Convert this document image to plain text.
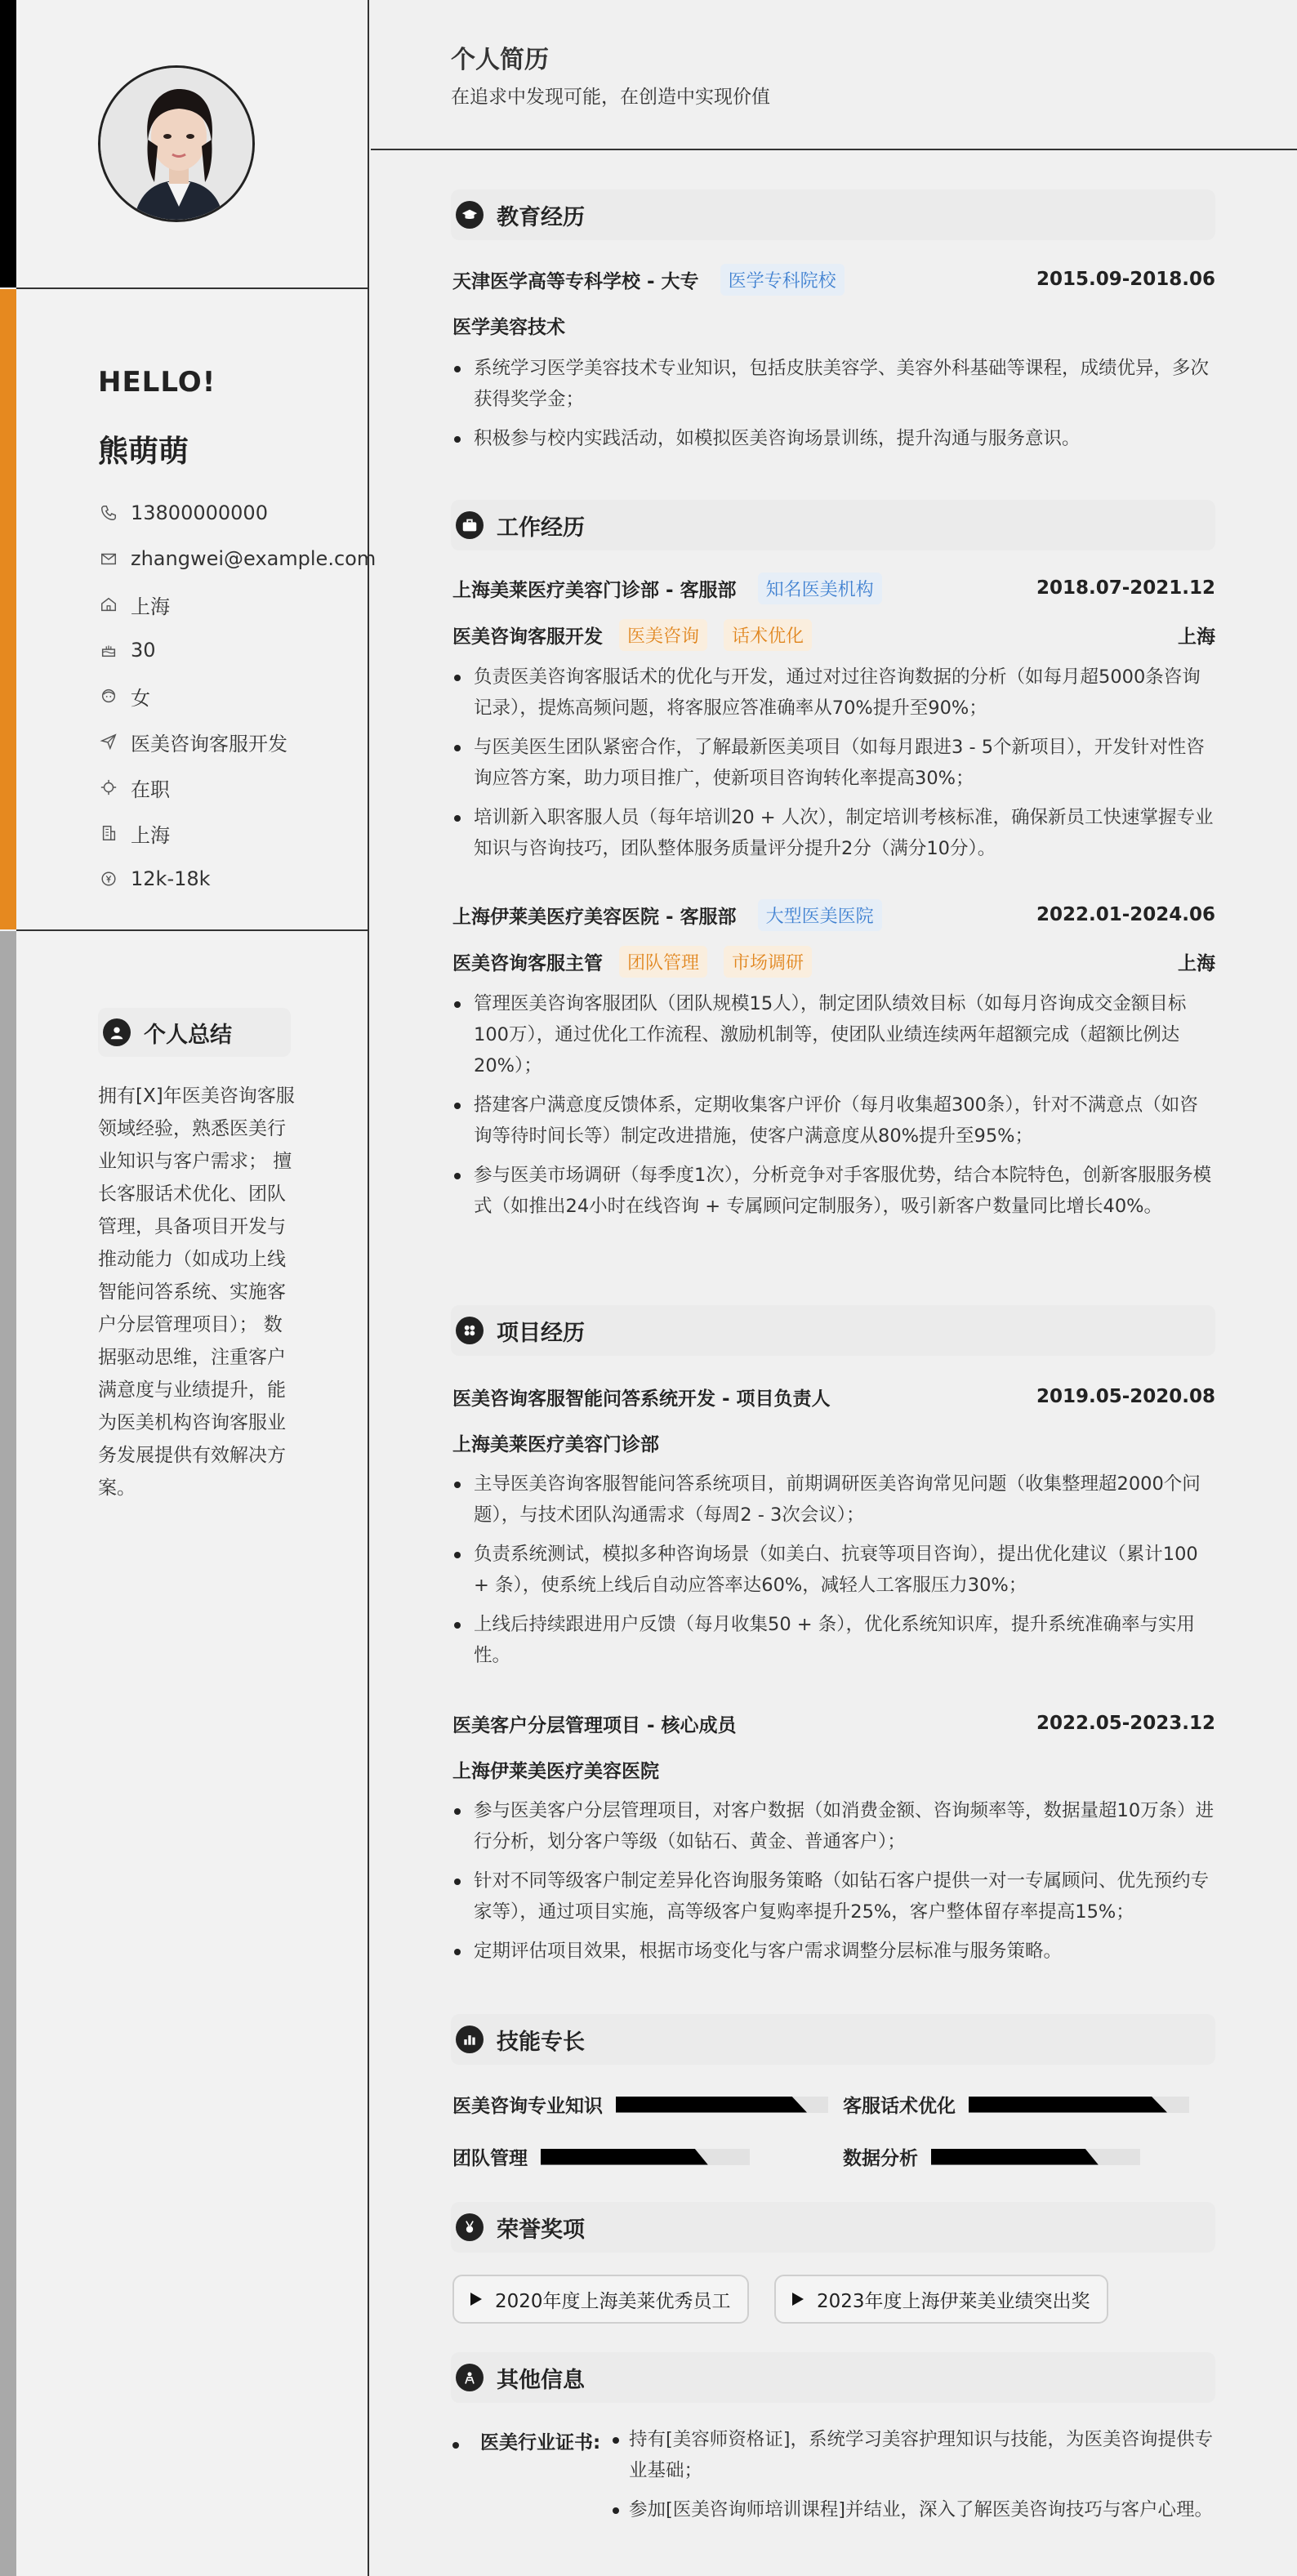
HELLO!
熊萌萌
13800000000
zhangwei@example.com
上海
30
女
医美咨询客服开发
在职
上海
12k-18k
个人总结
拥有[X]年医美咨询客服领域经验，熟悉医美行业知识与客户需求； 擅长客服话术优化、团队管理，具备项目开发与推动能力（如成功上线智能问答系统、实施客户分层管理项目）； 数据驱动思维，注重客户满意度与业绩提升，能为医美机构咨询客服业务发展提供有效解决方案。
个人简历
在追求中发现可能，在创造中实现价值
教育经历
天津医学高等专科学校 - 大专	医学专科院校	2015.09-2018.06
医学美容技术
系统学习医学美容技术专业知识，包括皮肤美容学、美容外科基础等课程，成绩优异，多次获得奖学金；
积极参与校内实践活动，如模拟医美咨询场景训练，提升沟通与服务意识。
工作经历
上海美莱医疗美容门诊部 - 客服部	知名医美机构	2018.07-2021.12
医美咨询客服开发	医美咨询	话术优化	上海
负责医美咨询客服话术的优化与开发，通过对过往咨询数据的分析（如每月超5000条咨询记录），提炼高频问题，将客服应答准确率从70%提升至90%；
与医美医生团队紧密合作，了解最新医美项目（如每月跟进3 - 5个新项目），开发针对性咨询应答方案，助力项目推广，使新项目咨询转化率提高30%；
培训新入职客服人员（每年培训20 + 人次），制定培训考核标准，确保新员工快速掌握专业知识与咨询技巧，团队整体服务质量评分提升2分（满分10分）。
上海伊莱美医疗美容医院 - 客服部	大型医美医院	2022.01-2024.06
医美咨询客服主管	团队管理	市场调研	上海
管理医美咨询客服团队（团队规模15人），制定团队绩效目标（如每月咨询成交金额目标100万），通过优化工作流程、激励机制等，使团队业绩连续两年超额完成（超额比例达20%）；
搭建客户满意度反馈体系，定期收集客户评价（每月收集超300条），针对不满意点（如咨询等待时间长等）制定改进措施，使客户满意度从80%提升至95%；
参与医美市场调研（每季度1次），分析竞争对手客服优势，结合本院特色，创新客服服务模式（如推出24小时在线咨询 + 专属顾问定制服务），吸引新客户数量同比增长40%。
项目经历
医美咨询客服智能问答系统开发 - 项目负责人	2019.05-2020.08
上海美莱医疗美容门诊部
主导医美咨询客服智能问答系统项目，前期调研医美咨询常见问题（收集整理超2000个问题），与技术团队沟通需求（每周2 - 3次会议）；
负责系统测试，模拟多种咨询场景（如美白、抗衰等项目咨询），提出优化建议（累计100 + 条），使系统上线后自动应答率达60%，减轻人工客服压力30%；
上线后持续跟进用户反馈（每月收集50 + 条），优化系统知识库，提升系统准确率与实用性。
医美客户分层管理项目 - 核心成员	2022.05-2023.12
上海伊莱美医疗美容医院
参与医美客户分层管理项目，对客户数据（如消费金额、咨询频率等，数据量超10万条）进行分析，划分客户等级（如钻石、黄金、普通客户）；
针对不同等级客户制定差异化咨询服务策略（如钻石客户提供一对一专属顾问、优先预约专家等），通过项目实施，高等级客户复购率提升25%，客户整体留存率提高15%；
定期评估项目效果，根据市场变化与客户需求调整分层标准与服务策略。
技能专长
医美咨询专业知识	客服话术优化
团队管理	数据分析
荣誉奖项
2020年度上海美莱优秀员工	2023年度上海伊莱美业绩突出奖
其他信息
医美行业证书:	持有[美容师资格证]，系统学习美容护理知识与技能，为医美咨询提供专业基础；
参加[医美咨询师培训课程]并结业，深入了解医美咨询技巧与客户心理。
